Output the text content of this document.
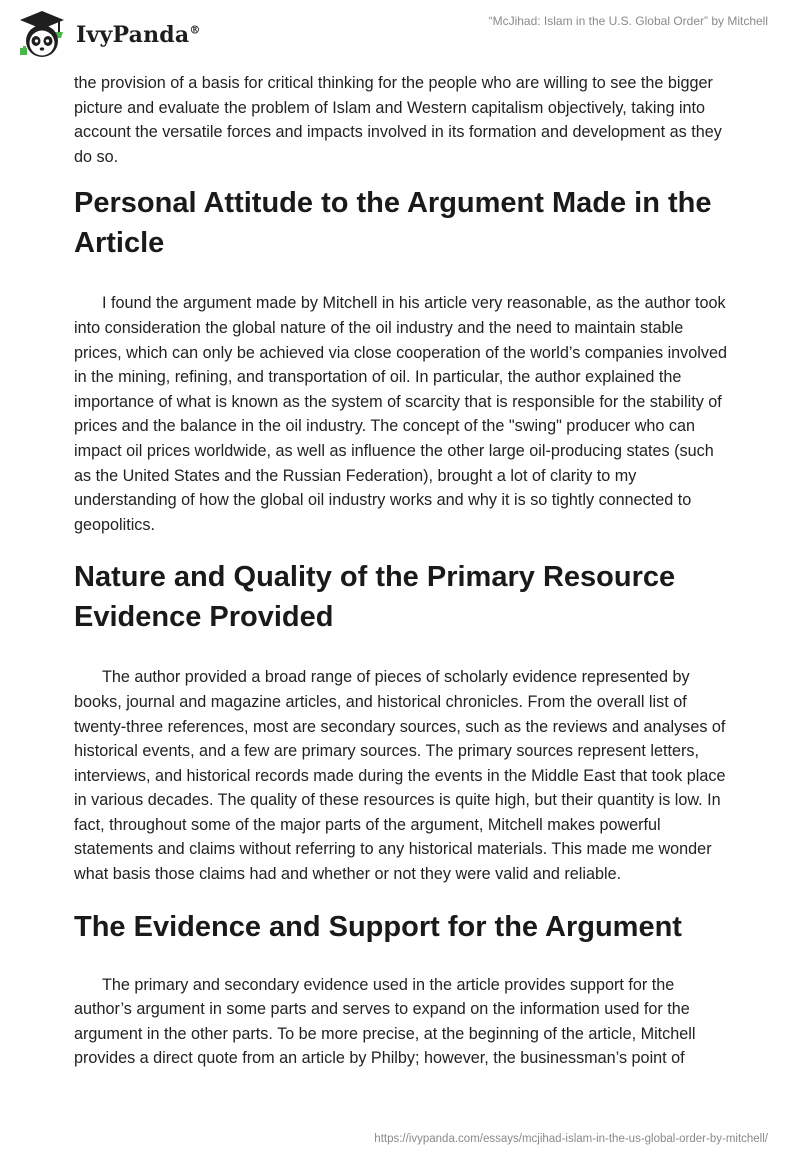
IvyPanda®
“McJihad: Islam in the U.S. Global Order” by Mitchell

the provision of a basis for critical thinking for the people who are willing to see the bigger picture and evaluate the problem of Islam and Western capitalism objectively, taking into account the versatile forces and impacts involved in its formation and development as they do so.

Personal Attitude to the Argument Made in the Article

I found the argument made by Mitchell in his article very reasonable, as the author took into consideration the global nature of the oil industry and the need to maintain stable prices, which can only be achieved via close cooperation of the world’s companies involved in the mining, refining, and transportation of oil. In particular, the author explained the importance of what is known as the system of scarcity that is responsible for the stability of prices and the balance in the oil industry. The concept of the "swing" producer who can impact oil prices worldwide, as well as influence the other large oil-producing states (such as the United States and the Russian Federation), brought a lot of clarity to my understanding of how the global oil industry works and why it is so tightly connected to geopolitics.

Nature and Quality of the Primary Resource Evidence Provided

The author provided a broad range of pieces of scholarly evidence represented by books, journal and magazine articles, and historical chronicles. From the overall list of twenty-three references, most are secondary sources, such as the reviews and analyses of historical events, and a few are primary sources. The primary sources represent letters, interviews, and historical records made during the events in the Middle East that took place in various decades. The quality of these resources is quite high, but their quantity is low. In fact, throughout some of the major parts of the argument, Mitchell makes powerful statements and claims without referring to any historical materials. This made me wonder what basis those claims had and whether or not they were valid and reliable.

The Evidence and Support for the Argument

The primary and secondary evidence used in the article provides support for the author’s argument in some parts and serves to expand on the information used for the argument in the other parts. To be more precise, at the beginning of the article, Mitchell provides a direct quote from an article by Philby; however, the businessman’s point of

https://ivypanda.com/essays/mcjihad-islam-in-the-us-global-order-by-mitchell/
